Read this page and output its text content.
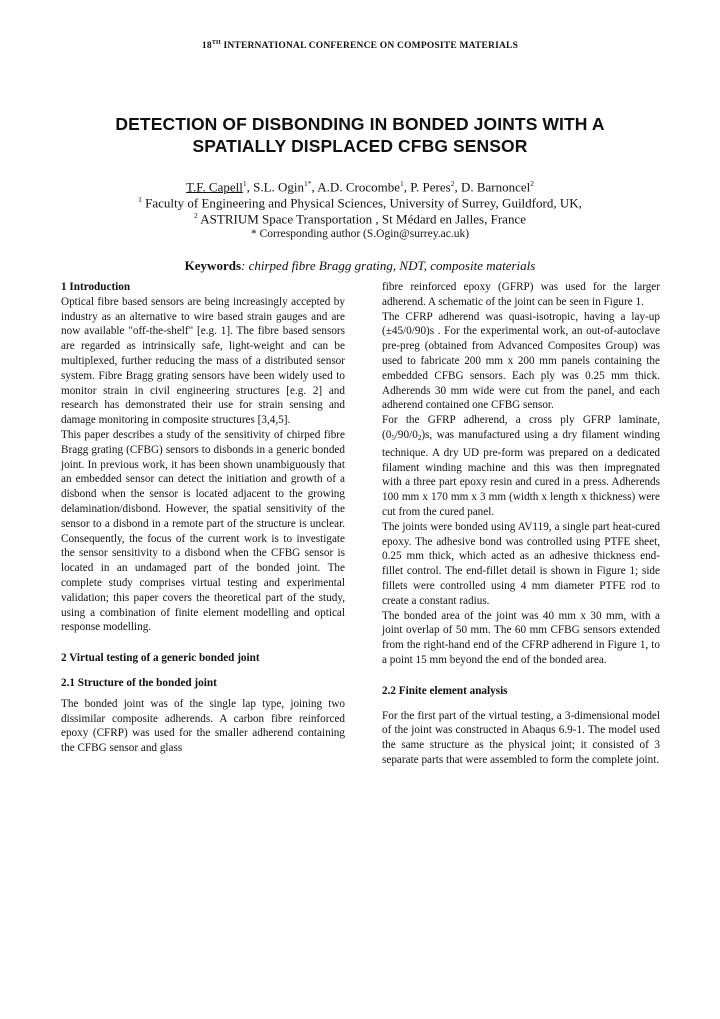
18TH INTERNATIONAL CONFERENCE ON COMPOSITE MATERIALS
DETECTION OF DISBONDING IN BONDED JOINTS WITH A
SPATIALLY DISPLACED CFBG SENSOR
T.F. Capell$^1$, S.L. Ogin$^{1*}$, A.D. Crocombe$^1$, P. Peres$^2$, D. Barnoncel$^2$
$^1$ Faculty of Engineering and Physical Sciences, University of Surrey, Guildford, UK,
$^2$ ASTRIUM Space Transportation , St Médard en Jalles, France
* Corresponding author (S.Ogin@surrey.ac.uk)
Keywords: chirped fibre Bragg grating, NDT, composite materials

1 Introduction

Optical fibre based sensors are being increasingly accepted by industry as an alternative to wire based strain gauges and are now available "off-the-shelf" [e.g. 1]. The fibre based sensors are regarded as intrinsically safe, light-weight and can be multiplexed, further reducing the mass of a distributed sensor system. Fibre Bragg grating sensors have been widely used to monitor strain in civil engineering structures [e.g. 2] and research has demonstrated their use for strain sensing and damage monitoring in composite structures [3,4,5].

This paper describes a study of the sensitivity of chirped fibre Bragg grating (CFBG) sensors to disbonds in a generic bonded joint. In previous work, it has been shown unambiguously that an embedded sensor can detect the initiation and growth of a disbond when the sensor is located adjacent to the growing delamination/disbond. However, the spatial sensitivity of the sensor to a disbond in a remote part of the structure is unclear. Consequently, the focus of the current work is to investigate the sensor sensitivity to a disbond when the CFBG sensor is located in an undamaged part of the bonded joint. The complete study comprises virtual testing and experimental validation; this paper covers the theoretical part of the study, using a combination of finite element modelling and optical response modelling.

2 Virtual testing of a generic bonded joint

2.1 Structure of the bonded joint

The bonded joint was of the single lap type, joining two dissimilar composite adherends. A carbon fibre reinforced epoxy (CFRP) was used for the smaller adherend containing the CFBG sensor and glass

fibre reinforced epoxy (GFRP) was used for the larger adherend. A schematic of the joint can be seen in Figure 1.

The CFRP adherend was quasi-isotropic, having a lay-up (±45/0/90)s . For the experimental work, an out-of-autoclave pre-preg (obtained from Advanced Composites Group) was used to fabricate 200 mm x 200 mm panels containing the embedded CFBG sensors. Each ply was 0.25 mm thick. Adherends 30 mm wide were cut from the panel, and each adherend contained one CFBG sensor.

For the GFRP adherend, a cross ply GFRP laminate, $(0_5/90/0_2)s$, was manufactured using a dry filament winding technique. A dry UD pre-form was prepared on a dedicated filament winding machine and this was then impregnated with a three part epoxy resin and cured in a press. Adherends 100 mm x 170 mm x 3 mm (width x length x thickness) were cut from the cured panel.

The joints were bonded using AV119, a single part heat-cured epoxy. The adhesive bond was controlled using PTFE sheet, 0.25 mm thick, which acted as an adhesive thickness end-fillet control. The end-fillet detail is shown in Figure 1; side fillets were controlled using 4 mm diameter PTFE rod to create a constant radius.

The bonded area of the joint was 40 mm x 30 mm, with a joint overlap of 50 mm. The 60 mm CFBG sensors extended from the right-hand end of the CFRP adherend in Figure 1, to a point 15 mm beyond the end of the bonded area.

2.2 Finite element analysis

For the first part of the virtual testing, a 3-dimensional model of the joint was constructed in Abaqus 6.9-1. The model used the same structure as the physical joint; it consisted of 3 separate parts that were assembled to form the complete joint.
